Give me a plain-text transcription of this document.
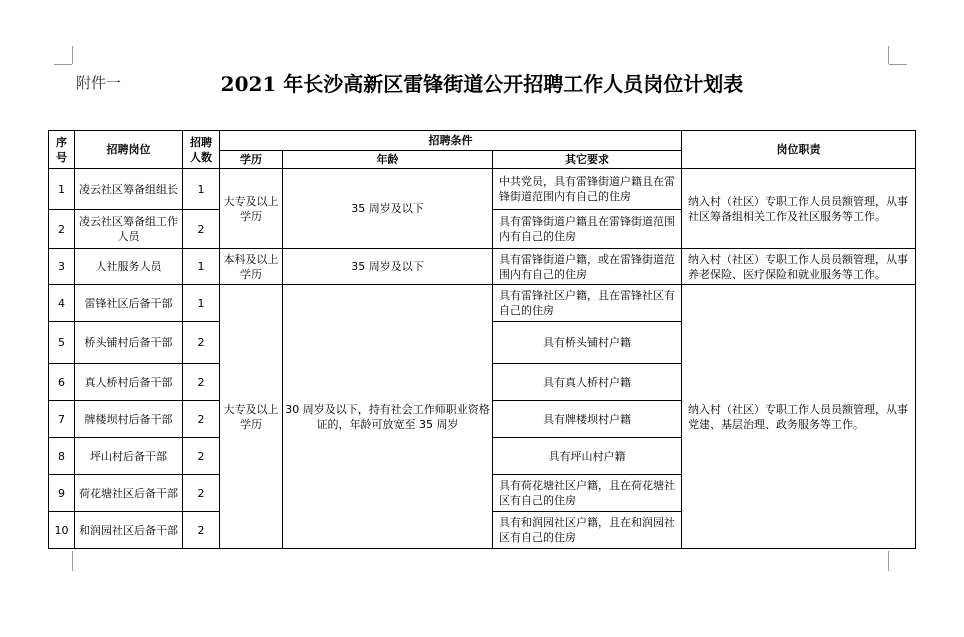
附件一	2021 年长沙高新区雷锋街道公开招聘工作人员岗位计划表
序号	招聘岗位	招聘人数	招聘条件			岗位职责
			学历	年龄	其它要求	
1	凌云社区筹备组组长	1	大专及以上学历	35 周岁及以下	中共党员，具有雷锋街道户籍且在雷锋街道范围内有自己的住房	纳入村（社区）专职工作人员员额管理，从事社区筹备组相关工作及社区服务等工作。
2	凌云社区筹备组工作人员	2			具有雷锋街道户籍且在雷锋街道范围内有自己的住房	
3	人社服务人员	1	本科及以上学历	35 周岁及以下	具有雷锋街道户籍，或在雷锋街道范围内有自己的住房	纳入村（社区）专职工作人员员额管理，从事养老保险、医疗保险和就业服务等工作。
4	雷锋社区后备干部	1	大专及以上学历	30 周岁及以下，持有社会工作师职业资格证的，年龄可放宽至 35 周岁	具有雷锋社区户籍，且在雷锋社区有自己的住房	纳入村（社区）专职工作人员员额管理，从事党建、基层治理、政务服务等工作。
5	桥头铺村后备干部	2			具有桥头铺村户籍	
6	真人桥村后备干部	2			具有真人桥村户籍	
7	牌楼坝村后备干部	2			具有牌楼坝村户籍	
8	坪山村后备干部	2			具有坪山村户籍	
9	荷花塘社区后备干部	2			具有荷花塘社区户籍，且在荷花塘社区有自己的住房	
10	和润园社区后备干部	2			具有和润园社区户籍，且在和润园社区有自己的住房	
